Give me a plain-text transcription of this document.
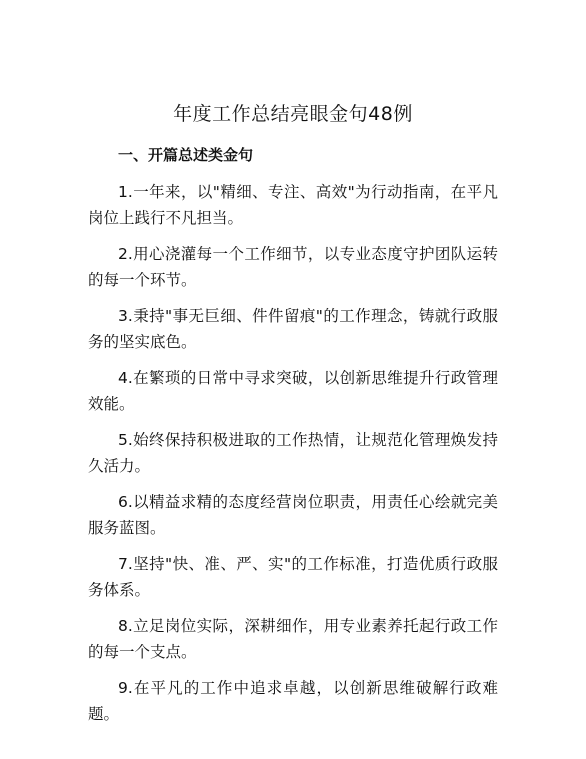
年度工作总结亮眼金句48例
一、开篇总述类金句

1.一年来，以"精细、专注、高效"为行动指南，在平凡岗位上践行不凡担当。

2.用心浇灌每一个工作细节，以专业态度守护团队运转的每一个环节。

3.秉持"事无巨细、件件留痕"的工作理念，铸就行政服务的坚实底色。

4.在繁琐的日常中寻求突破，以创新思维提升行政管理效能。

5.始终保持积极进取的工作热情，让规范化管理焕发持久活力。

6.以精益求精的态度经营岗位职责，用责任心绘就完美服务蓝图。

7.坚持"快、准、严、实"的工作标准，打造优质行政服务体系。

8.立足岗位实际，深耕细作，用专业素养托起行政工作的每一个支点。

9.在平凡的工作中追求卓越，以创新思维破解行政难题。
